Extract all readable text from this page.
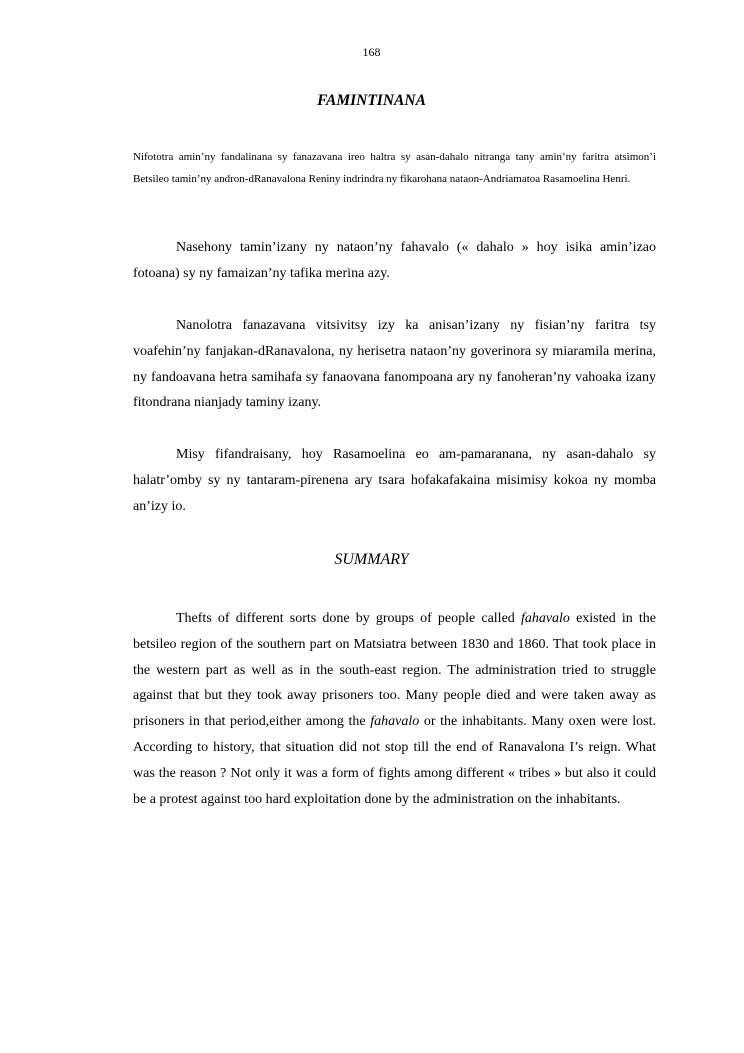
168
FAMINTINANA

Nifototra amin’ny fandalinana sy fanazavana ireo haltra sy asan-dahalo nitranga tany amin’ny faritra atsimon’i Betsileo tamin’ny andron-dRanavalona Reniny indrindra ny fikarohana nataon-Andriamatoa Rasamoelina Henri.

Nasehony tamin’izany ny nataon’ny fahavalo (« dahalo » hoy isika amin’izao fotoana) sy ny famaizan’ny tafika merina azy.

Nanolotra fanazavana vitsivitsy izy ka anisan’izany ny fisian’ny faritra tsy voafehin’ny fanjakan-dRanavalona, ny herisetra nataon’ny goverinora sy miaramila merina, ny fandoavana hetra samihafa sy fanaovana fanompoana ary ny fanoheran’ny vahoaka izany fitondrana nianjady taminy izany.

Misy fifandraisany, hoy Rasamoelina eo am-pamaranana, ny asan-dahalo sy halatr’omby sy ny tantaram-pirenena ary tsara hofakafakaina misimisy kokoa ny momba an’izy io.

SUMMARY

Thefts of different sorts done by groups of people called fahavalo existed in the betsileo region of the southern part on Matsiatra between 1830 and 1860. That took place in the western part as well as in the south-east region. The administration tried to struggle against that but they took away prisoners too. Many people died and were taken away as prisoners in that period,either among the fahavalo or the inhabitants. Many oxen were lost. According to history, that situation did not stop till the end of Ranavalona I’s reign. What was the reason ? Not only it was a form of fights among different « tribes » but also it could be a protest against too hard exploitation done by the administration on the inhabitants.
